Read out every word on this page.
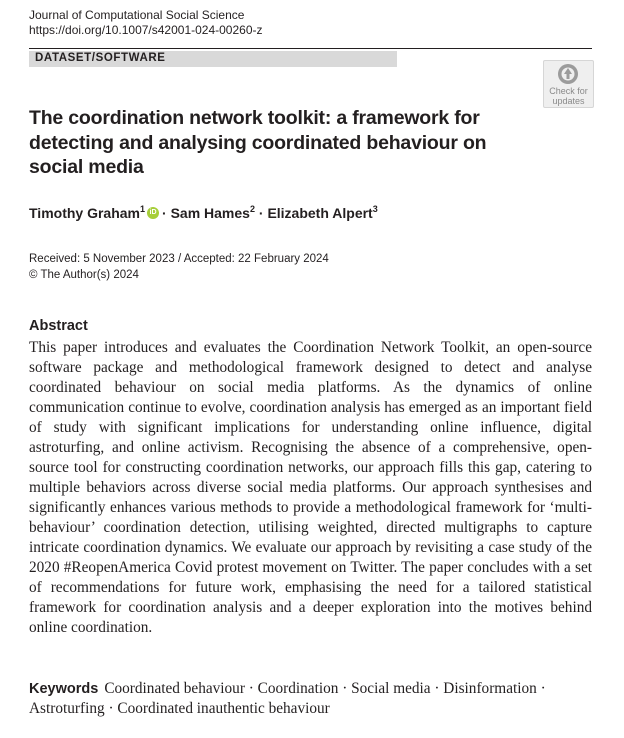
Journal of Computational Social Science
https://doi.org/10.1007/s42001-024-00260-z
DATASET/SOFTWARE
Check for
updates
The coordination network toolkit: a framework for detecting and analysing coordinated behaviour on social media
Timothy Graham$^1$ iD · Sam Hames$^2$ · Elizabeth Alpert$^3$
Received: 5 November 2023 / Accepted: 22 February 2024
© The Author(s) 2024
Abstract

This paper introduces and evaluates the Coordination Network Toolkit, an open-source software package and methodological framework designed to detect and analyse coordinated behaviour on social media platforms. As the dynamics of online communication continue to evolve, coordination analysis has emerged as an important field of study with significant implications for understanding online influence, digital astroturfing, and online activism. Recognising the absence of a comprehensive, open-source tool for constructing coordination networks, our approach fills this gap, catering to multiple behaviors across diverse social media platforms. Our approach synthesises and significantly enhances various methods to provide a methodological framework for ‘multi-behaviour’ coordination detection, utilising weighted, directed multigraphs to capture intricate coordination dynamics. We evaluate our approach by revisiting a case study of the 2020 #ReopenAmerica Covid protest movement on Twitter. The paper concludes with a set of recommendations for future work, emphasising the need for a tailored statistical framework for coordination analysis and a deeper exploration into the motives behind online coordination.

Keywords Coordinated behaviour · Coordination · Social media · Disinformation · Astroturfing · Coordinated inauthentic behaviour
